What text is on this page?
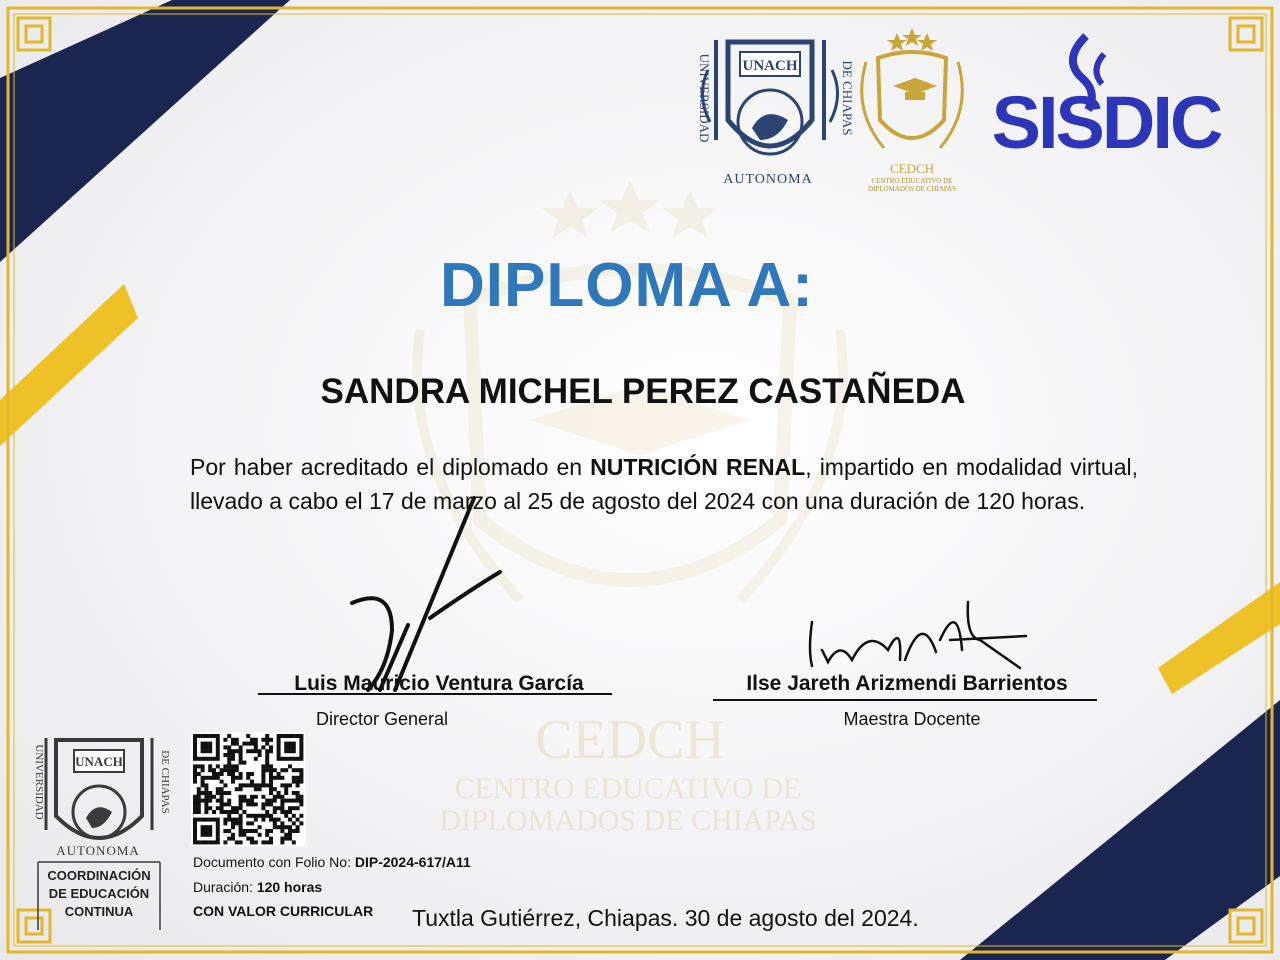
UNACH
UNIVERSIDAD	DE CHIAPAS
AUTONOMA
CEDCH
CENTRO EDUCATIVO DE
DIPLOMADOS DE CHIAPAS
SISDIC
CEDCH
CENTRO EDUCATIVO DE
DIPLOMADOS DE CHIAPAS
UNACH
UNIVERSIDAD	DE CHIAPAS
AUTONOMA
COORDINACIÓN
DE EDUCACIÓN
CONTINUA
DIPLOMA A:
SANDRA MICHEL PEREZ CASTAÑEDA
Por haber acreditado el diplomado en NUTRICIÓN RENAL, impartido en modalidad virtual, llevado a cabo el 17 de marzo al 25 de agosto del 2024 con una duración de 120 horas.
Luis Mauricio Ventura García
Director General
Ilse Jareth Arizmendi Barrientos
Maestra Docente
Documento con Folio No: DIP-2024-617/A11
Duración: 120 horas
CON VALOR CURRICULAR Tuxtla Gutiérrez, Chiapas. 30 de agosto del 2024.
